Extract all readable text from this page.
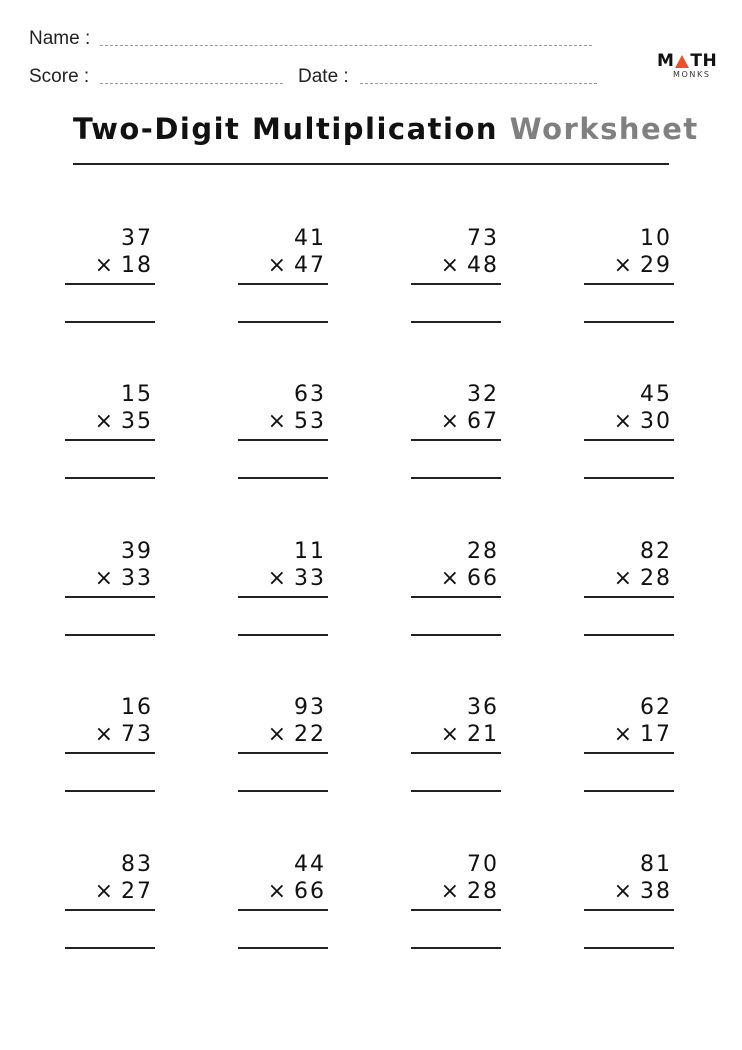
Name :
Score :	Date :
M TH
MONKS
Two-Digit Multiplication Worksheet
37
× 18
41
× 47
73
× 48
10
× 29
15
× 35
63
× 53
32
× 67
45
× 30
39
× 33
11
× 33
28
× 66
82
× 28
16
× 73
93
× 22
36
× 21
62
× 17
83
× 27
44
× 66
70
× 28
81
× 38
